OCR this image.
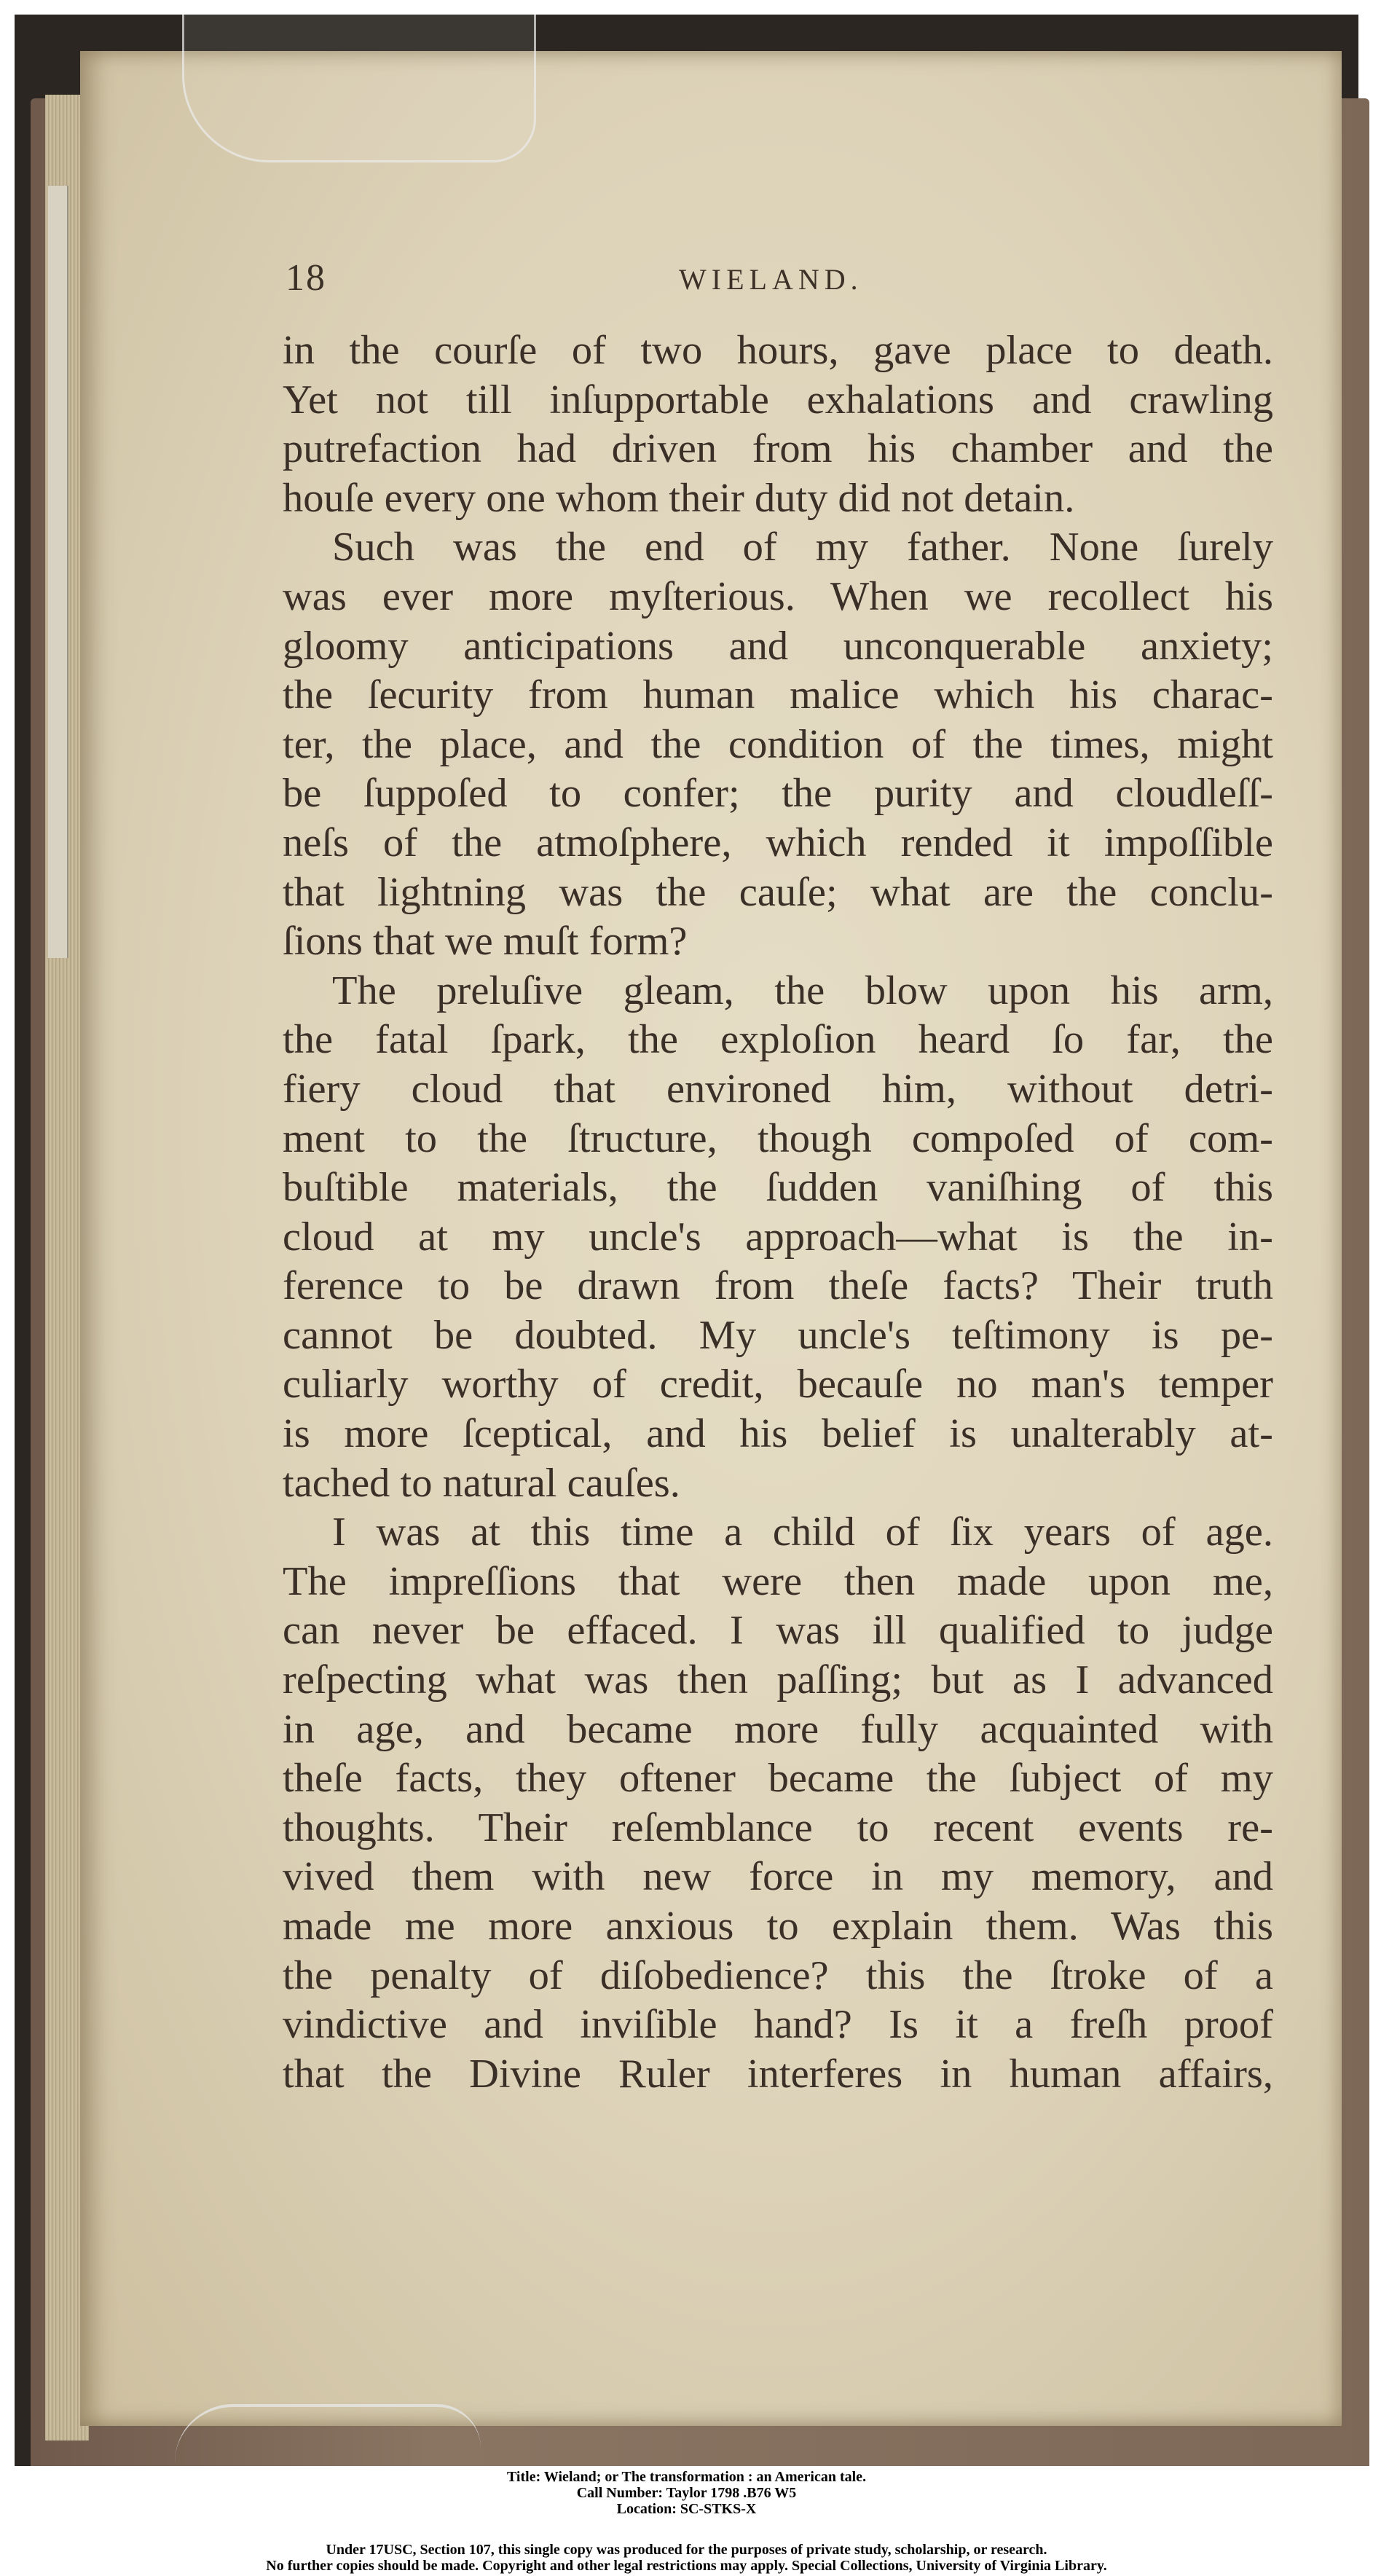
18	WIELAND.
in the courſe of two hours, gave place to death.
Yet not till inſupportable exhalations and crawling
putrefaction had driven from his chamber and the
houſe every one whom their duty did not detain.
Such was the end of my father. None ſurely
was ever more myſterious. When we recollect his
gloomy anticipations and unconquerable anxiety;
the ſecurity from human malice which his charac-
ter, the place, and the condition of the times, might
be ſuppoſed to confer; the purity and cloudleſſ-
neſs of the atmoſphere, which rended it impoſſible
that lightning was the cauſe; what are the conclu-
ſions that we muſt form?
The preluſive gleam, the blow upon his arm,
the fatal ſpark, the exploſion heard ſo far, the
fiery cloud that environed him, without detri-
ment to the ſtructure, though compoſed of com-
buſtible materials, the ſudden vaniſhing of this
cloud at my uncle's approach—what is the in-
ference to be drawn from theſe facts? Their truth
cannot be doubted. My uncle's teſtimony is pe-
culiarly worthy of credit, becauſe no man's temper
is more ſceptical, and his belief is unalterably at-
tached to natural cauſes.
I was at this time a child of ſix years of age.
The impreſſions that were then made upon me,
can never be effaced. I was ill qualified to judge
reſpecting what was then paſſing; but as I advanced
in age, and became more fully acquainted with
theſe facts, they oftener became the ſubject of my
thoughts. Their reſemblance to recent events re-
vived them with new force in my memory, and
made me more anxious to explain them. Was this
the penalty of diſobedience? this the ſtroke of a
vindictive and inviſible hand? Is it a freſh proof
that the Divine Ruler interferes in human affairs,
Title: Wieland; or The transformation : an American tale.
Call Number: Taylor 1798 .B76 W5
Location: SC-STKS-X
Under 17USC, Section 107, this single copy was produced for the purposes of private study, scholarship, or research.
No further copies should be made. Copyright and other legal restrictions may apply. Special Collections, University of Virginia Library.
